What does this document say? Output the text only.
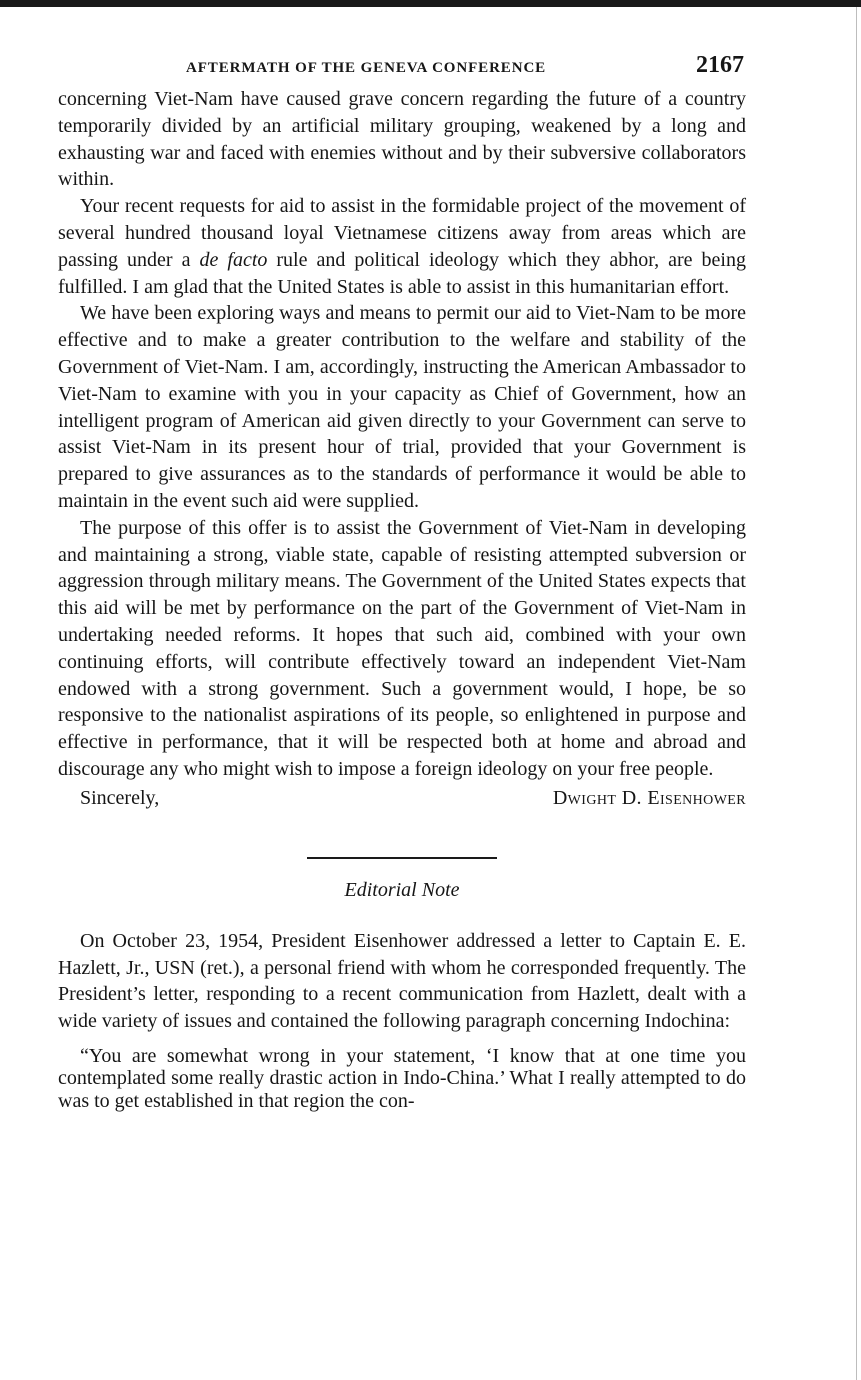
AFTERMATH OF THE GENEVA CONFERENCE	2167

concerning Viet-Nam have caused grave concern regarding the future of a country temporarily divided by an artificial military grouping, weakened by a long and exhausting war and faced with enemies without and by their subversive collaborators within.

Your recent requests for aid to assist in the formidable project of the movement of several hundred thousand loyal Vietnamese citizens away from areas which are passing under a de facto rule and political ideology which they abhor, are being fulfilled. I am glad that the United States is able to assist in this humanitarian effort.

We have been exploring ways and means to permit our aid to Viet-Nam to be more effective and to make a greater contribution to the welfare and stability of the Government of Viet-Nam. I am, accordingly, instructing the American Ambassador to Viet-Nam to examine with you in your capacity as Chief of Government, how an intelligent program of American aid given directly to your Government can serve to assist Viet-Nam in its present hour of trial, provided that your Government is prepared to give assurances as to the standards of performance it would be able to maintain in the event such aid were supplied.

The purpose of this offer is to assist the Government of Viet-Nam in developing and maintaining a strong, viable state, capable of resisting attempted subversion or aggression through military means. The Government of the United States expects that this aid will be met by performance on the part of the Government of Viet-Nam in undertaking needed reforms. It hopes that such aid, combined with your own continuing efforts, will contribute effectively toward an independent Viet-Nam endowed with a strong government. Such a government would, I hope, be so responsive to the nationalist aspirations of its people, so enlightened in purpose and effective in performance, that it will be respected both at home and abroad and discourage any who might wish to impose a foreign ideology on your free people.

Sincerely,	Dwight D. Eisenhower

Editorial Note

On October 23, 1954, President Eisenhower addressed a letter to Captain E. E. Hazlett, Jr., USN (ret.), a personal friend with whom he corresponded frequently. The President’s letter, responding to a recent communication from Hazlett, dealt with a wide variety of issues and contained the following paragraph concerning Indochina:

“You are somewhat wrong in your statement, ‘I know that at one time you contemplated some really drastic action in Indo-China.’ What I really attempted to do was to get established in that region the con-
